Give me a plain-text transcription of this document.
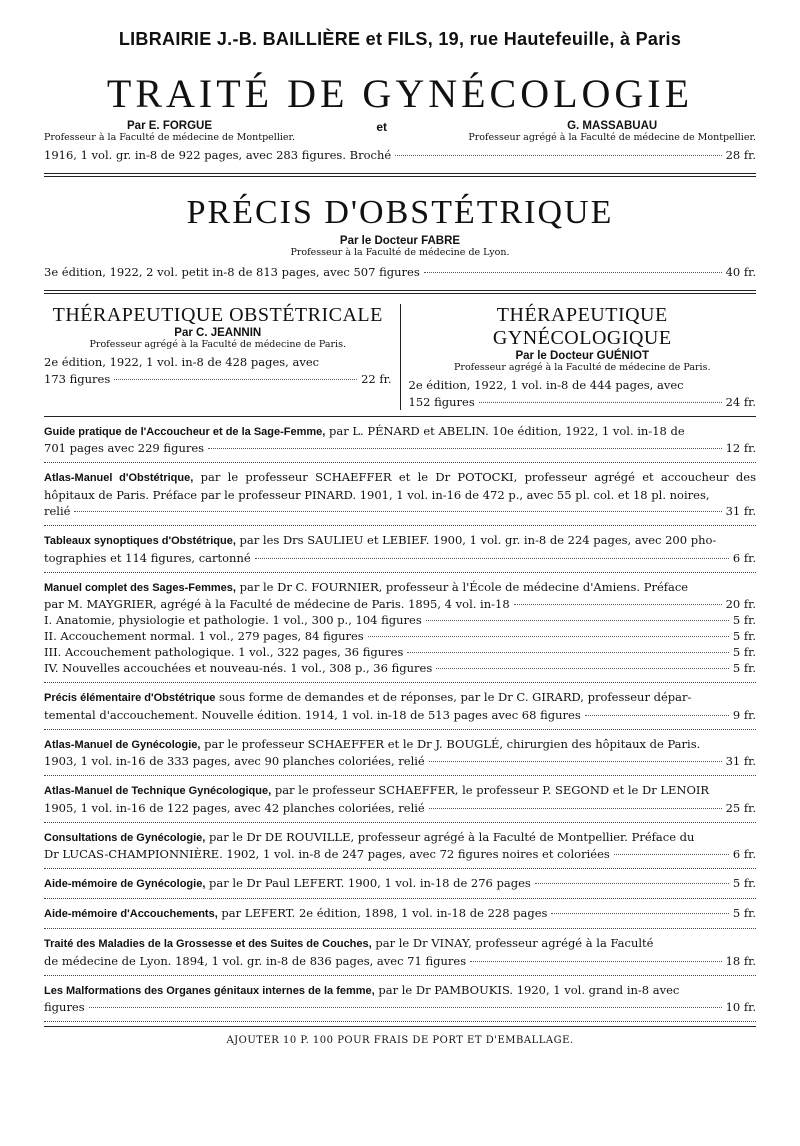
LIBRAIRIE J.-B. BAILLIÈRE et FILS, 19, rue Hautefeuille, à Paris
TRAITÉ DE GYNÉCOLOGIE
Par E. FORGUE
Professeur à la Faculté de médecine de Montpellier.
et	G. MASSABUAU
Professeur agrégé à la Faculté de médecine de Montpellier.
1916, 1 vol. gr. in-8 de 922 pages, avec 283 figures. Broché	28 fr.
PRÉCIS D'OBSTÉTRIQUE
Par le Docteur FABRE
Professeur à la Faculté de médecine de Lyon.
3e édition, 1922, 2 vol. petit in-8 de 813 pages, avec 507 figures	40 fr.
THÉRAPEUTIQUE OBSTÉTRICALE
Par C. JEANNIN
Professeur agrégé à la Faculté de médecine de Paris.
2e édition, 1922, 1 vol. in-8 de 428 pages, avec
173 figures	22 fr.
THÉRAPEUTIQUE GYNÉCOLOGIQUE
Par le Docteur GUÉNIOT
Professeur agrégé à la Faculté de médecine de Paris.
2e édition, 1922, 1 vol. in-8 de 444 pages, avec
152 figures	24 fr.
Guide pratique de l'Accoucheur et de la Sage-Femme, par L. PÉNARD et ABELIN. 10e édition, 1922, 1 vol. in-18 de
701 pages avec 229 figures	12 fr.
Atlas-Manuel d'Obstétrique, par le professeur SCHAEFFER et le Dr POTOCKI, professeur agrégé et accoucheur des hôpitaux de Paris. Préface par le professeur PINARD. 1901, 1 vol. in-16 de 472 p., avec 55 pl. col. et 18 pl. noires,
relié	31 fr.
Tableaux synoptiques d'Obstétrique, par les Drs SAULIEU et LEBIEF. 1900, 1 vol. gr. in-8 de 224 pages, avec 200 pho-
tographies et 114 figures, cartonné	6 fr.
Manuel complet des Sages-Femmes, par le Dr C. FOURNIER, professeur à l'École de médecine d'Amiens. Préface
par M. MAYGRIER, agrégé à la Faculté de médecine de Paris. 1895, 4 vol. in-18	20 fr.
I. Anatomie, physiologie et pathologie. 1 vol., 300 p., 104 figures	5 fr.
II. Accouchement normal. 1 vol., 279 pages, 84 figures	5 fr.
III. Accouchement pathologique. 1 vol., 322 pages, 36 figures	5 fr.
IV. Nouvelles accouchées et nouveau-nés. 1 vol., 308 p., 36 figures	5 fr.
Précis élémentaire d'Obstétrique sous forme de demandes et de réponses, par le Dr C. GIRARD, professeur dépar-
temental d'accouchement. Nouvelle édition. 1914, 1 vol. in-18 de 513 pages avec 68 figures	9 fr.
Atlas-Manuel de Gynécologie, par le professeur SCHAEFFER et le Dr J. BOUGLÉ, chirurgien des hôpitaux de Paris.
1903, 1 vol. in-16 de 333 pages, avec 90 planches coloriées, relié	31 fr.
Atlas-Manuel de Technique Gynécologique, par le professeur SCHAEFFER, le professeur P. SEGOND et le Dr LENOIR
1905, 1 vol. in-16 de 122 pages, avec 42 planches coloriées, relié	25 fr.
Consultations de Gynécologie, par le Dr DE ROUVILLE, professeur agrégé à la Faculté de Montpellier. Préface du
Dr LUCAS-CHAMPIONNIÈRE. 1902, 1 vol. in-8 de 247 pages, avec 72 figures noires et coloriées	6 fr.
Aide-mémoire de Gynécologie, par le Dr Paul LEFERT. 1900, 1 vol. in-18 de 276 pages	5 fr.
Aide-mémoire d'Accouchements, par LEFERT. 2e édition, 1898, 1 vol. in-18 de 228 pages	5 fr.
Traité des Maladies de la Grossesse et des Suites de Couches, par le Dr VINAY, professeur agrégé à la Faculté
de médecine de Lyon. 1894, 1 vol. gr. in-8 de 836 pages, avec 71 figures	18 fr.
Les Malformations des Organes génitaux internes de la femme, par le Dr PAMBOUKIS. 1920, 1 vol. grand in-8 avec
figures	10 fr.
AJOUTER 10 P. 100 POUR FRAIS DE PORT ET D'EMBALLAGE.
